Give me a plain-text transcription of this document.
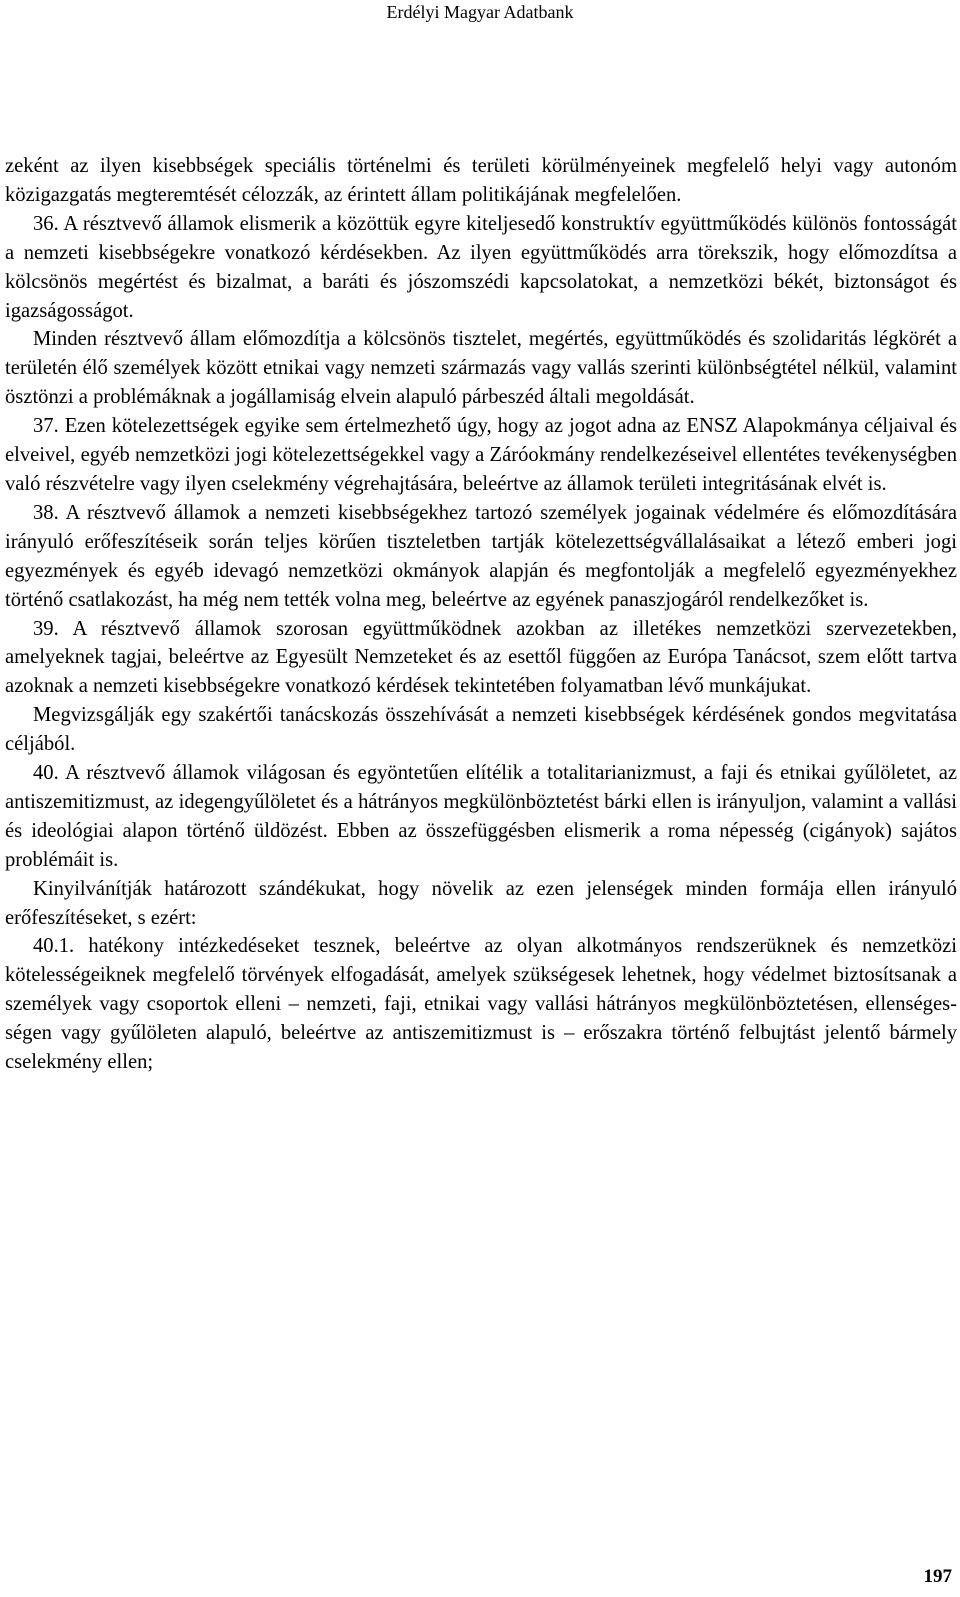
Erdélyi Magyar Adatbank

zeként az ilyen kisebbségek speciális történelmi és területi körülményeinek megfelelő helyi vagy autonóm közigazgatás megteremtését célozzák, az érintett állam politikájának megfelelően.

36. A résztvevő államok elismerik a közöttük egyre kiteljesedő konstruktív együttműködés különös fontosságát a nemzeti kisebbségekre vonatkozó kérdésekben. Az ilyen együttműködés arra törekszik, hogy előmozdítsa a kölcsönös megértést és bizalmat, a baráti és jószomszédi kapcsolatokat, a nemzetközi békét, biztonságot és igazságosságot.

Minden résztvevő állam előmozdítja a kölcsönös tisztelet, megértés, együttműködés és szolidaritás légkörét a területén élő személyek között etnikai vagy nemzeti származás vagy vallás szerinti különbségtétel nélkül, valamint ösztönzi a problémáknak a jogállamiság elvein alapuló párbeszéd általi megoldását.

37. Ezen kötelezettségek egyike sem értelmezhető úgy, hogy az jogot adna az ENSZ Alapokmánya céljaival és elveivel, egyéb nemzetközi jogi kötelezettségekkel vagy a Záróokmány rendelkezéseivel ellentétes tevékenységben való részvételre vagy ilyen cselekmény végrehajtására, beleértve az államok területi integritásának elvét is.

38. A résztvevő államok a nemzeti kisebbségekhez tartozó személyek jogainak védelmére és előmozdítására irányuló erőfeszítéseik során teljes körűen tiszteletben tartják kötelezettségvállalásaikat a létező emberi jogi egyezmények és egyéb idevagó nemzetközi okmányok alapján és megfontolják a megfelelő egyezményekhez történő csatlakozást, ha még nem tették volna meg, beleértve az egyének panaszjogáról rendelkezőket is.

39. A résztvevő államok szorosan együttműködnek azokban az illetékes nemzetközi szervezetekben, amelyeknek tagjai, beleértve az Egyesült Nemzeteket és az esettől függően az Európa Tanácsot, szem előtt tartva azoknak a nemzeti kisebbségekre vonatkozó kérdések tekintetében folyamatban lévő munkájukat.

Megvizsgálják egy szakértői tanácskozás összehívását a nemzeti kisebbségek kérdésének gondos megvitatása céljából.

40. A résztvevő államok világosan és egyöntetűen elítélik a totalitarianizmust, a faji és etnikai gyűlöletet, az antiszemitizmust, az idegengyűlöletet és a hátrányos megkülönböztetést bárki ellen is irányuljon, valamint a vallási és ideológiai alapon történő üldözést. Ebben az összefüggésben elismerik a roma népesség (cigányok) sajátos problémáit is.

Kinyilvánítják határozott szándékukat, hogy növelik az ezen jelenségek minden formája ellen irányuló erőfeszítéseket, s ezért:

40.1. hatékony intézkedéseket tesznek, beleértve az olyan alkotmányos rendszerüknek és nemzetközi kötelességeiknek megfelelő törvények elfogadását, amelyek szükségesek lehetnek, hogy védelmet biztosítsanak a személyek vagy csoportok elleni – nemzeti, faji, etnikai vagy vallási hátrányos megkülönböztetésen, ellenségességen vagy gyűlöleten alapuló, beleértve az antiszemitizmust is – erőszakra történő felbujtást jelentő bármely cselekmény ellen;

197
